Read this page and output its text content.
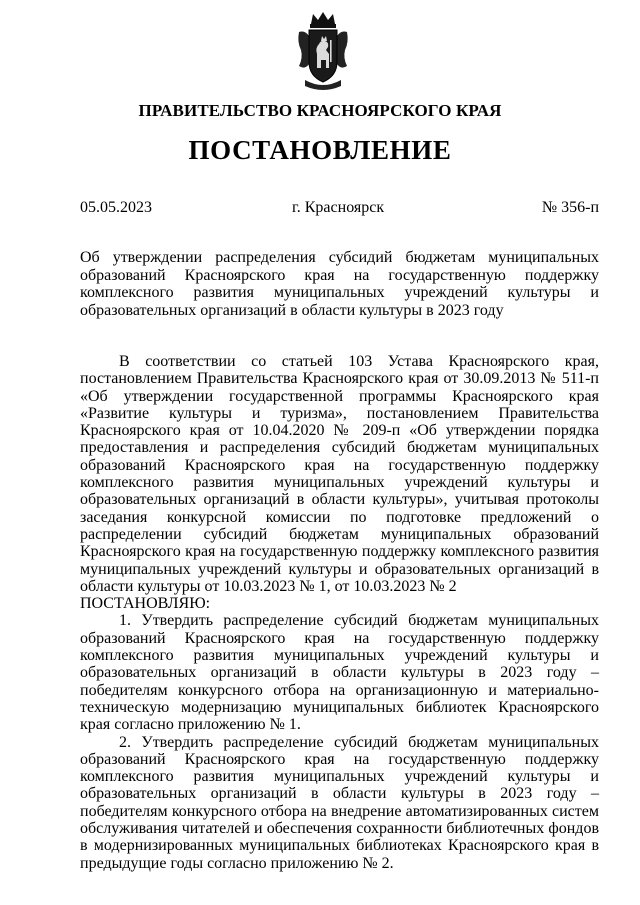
ПРАВИТЕЛЬСТВО КРАСНОЯРСКОГО КРАЯ
ПОСТАНОВЛЕНИЕ
05.05.2023	г. Красноярск	№ 356-п
Об утверждении распределения субсидий бюджетам муниципальных образований Красноярского края на государственную поддержку комплексного развития муниципальных учреждений культуры и образовательных организаций в области культуры в 2023 году

В соответствии со статьей 103 Устава Красноярского края, постановлением Правительства Красноярского края от 30.09.2013 № 511-п «Об утверждении государственной программы Красноярского края «Развитие культуры и туризма», постановлением Правительства Красноярского края от 10.04.2020 № 209-п «Об утверждении порядка предоставления и распределения субсидий бюджетам муниципальных образований Красноярского края на государственную поддержку комплексного развития муниципальных учреждений культуры и образовательных организаций в области культуры», учитывая протоколы заседания конкурсной комиссии по подготовке предложений о распределении субсидий бюджетам муниципальных образований Красноярского края на государственную поддержку комплексного развития муниципальных учреждений культуры и образовательных организаций в области культуры от 10.03.2023 № 1, от 10.03.2023 № 2

ПОСТАНОВЛЯЮ:

1. Утвердить распределение субсидий бюджетам муниципальных образований Красноярского края на государственную поддержку комплексного развития муниципальных учреждений культуры и образовательных организаций в области культуры в 2023 году – победителям конкурсного отбора на организационную и материально-техническую модернизацию муниципальных библиотек Красноярского края согласно приложению № 1.

2. Утвердить распределение субсидий бюджетам муниципальных образований Красноярского края на государственную поддержку комплексного развития муниципальных учреждений культуры и образовательных организаций в области культуры в 2023 году – победителям конкурсного отбора на внедрение автоматизированных систем обслуживания читателей и обеспечения сохранности библиотечных фондов в модернизированных муниципальных библиотеках Красноярского края в предыдущие годы согласно приложению № 2.
